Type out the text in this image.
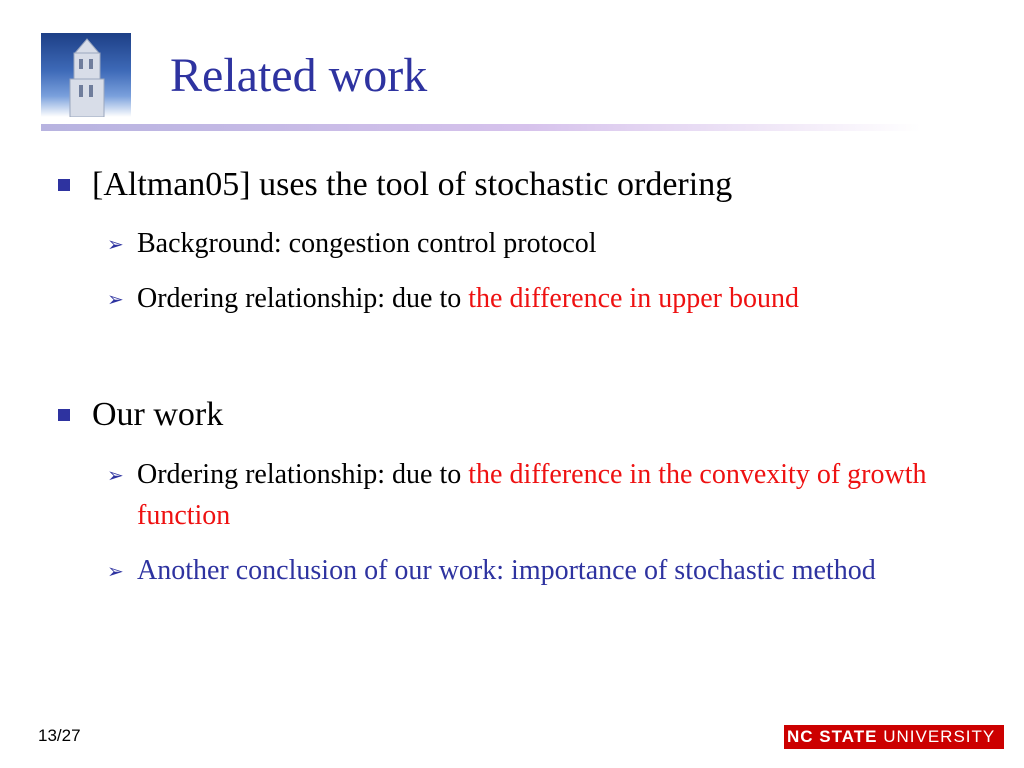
Related work
[Altman05] uses the tool of stochastic ordering
➢ Background: congestion control protocol
➢ Ordering relationship: due to the difference in upper bound
Our work
➢ Ordering relationship: due to the difference in the convexity of growth function
➢ Another conclusion of our work: importance of stochastic method
13/27	NC STATE UNIVERSITY
